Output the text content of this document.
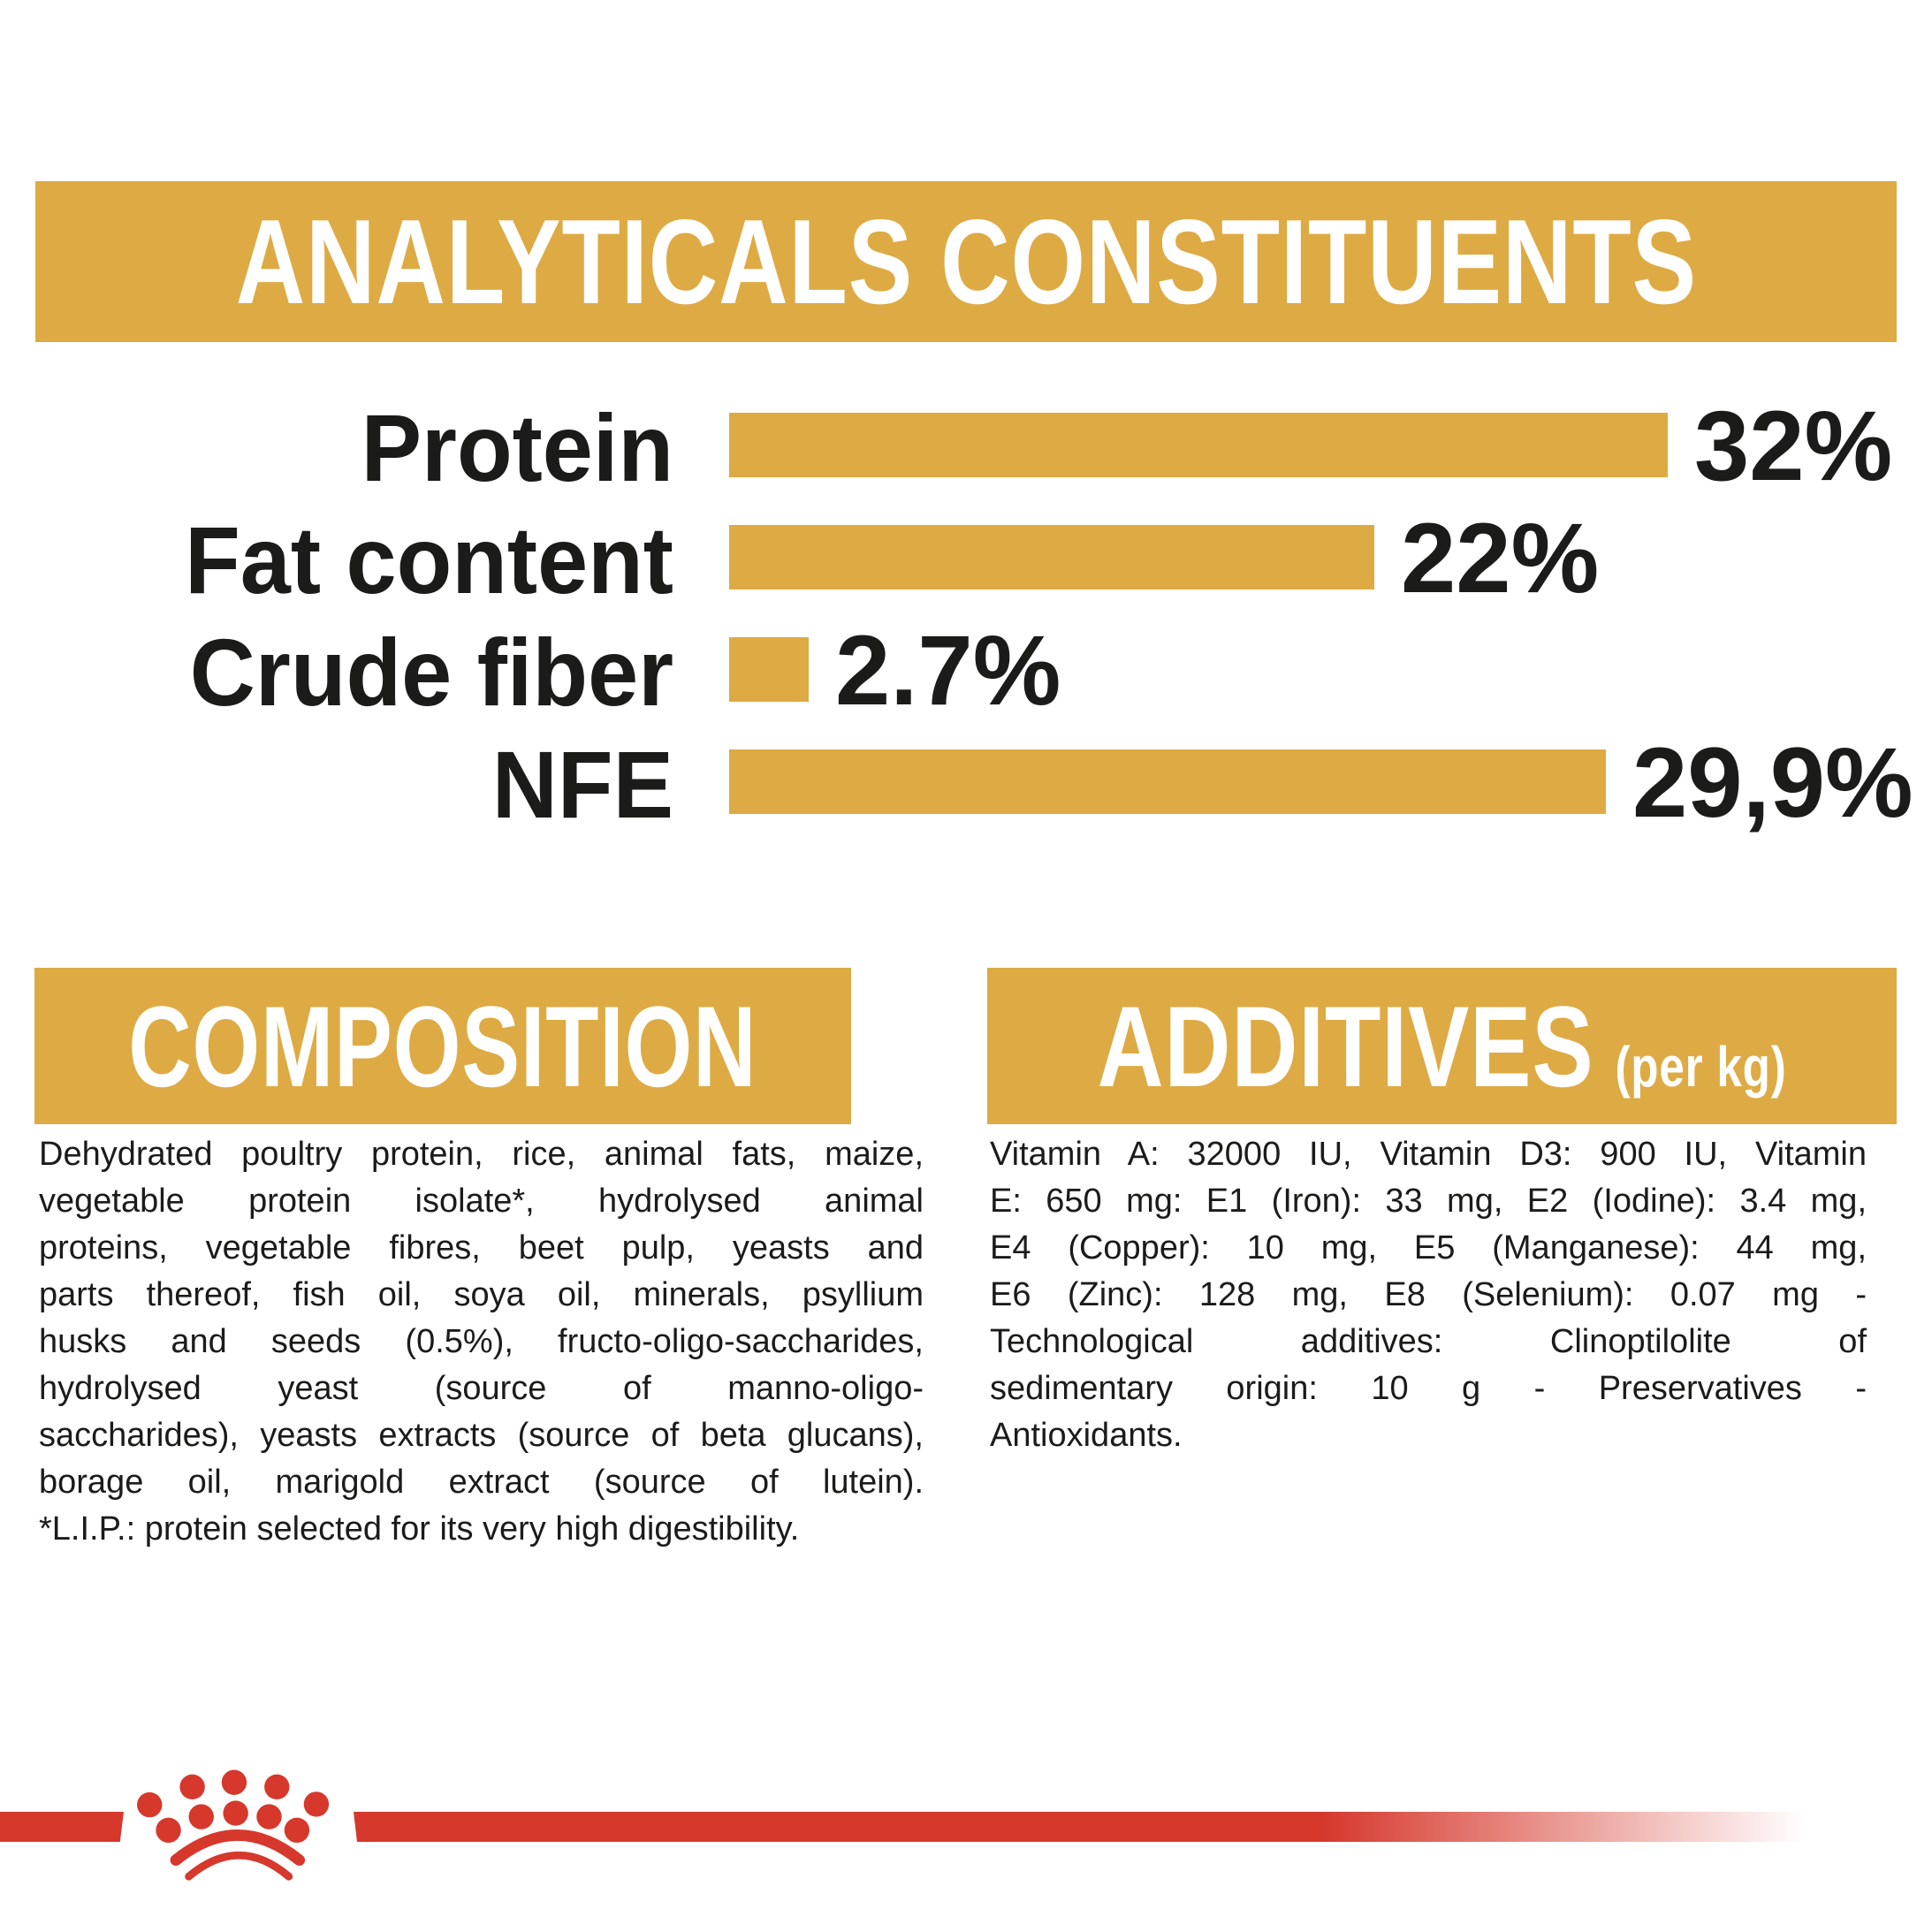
ANALYTICALS CONSTITUENTS
Protein	32%
Fat content	22%
Crude fiber 2.7%
NFE	29,9%
COMPOSITION	ADDITIVES (per kg)
Dehydrated poultry protein, rice, animal fats, maize,
vegetable protein isolate*, hydrolysed animal
proteins, vegetable fibres, beet pulp, yeasts and
parts thereof, fish oil, soya oil, minerals, psyllium
husks and seeds (0.5%), fructo-oligo-saccharides,
hydrolysed yeast (source of manno-oligo-
saccharides), yeasts extracts (source of beta glucans),
borage oil, marigold extract (source of lutein).
*L.I.P.: protein selected for its very high digestibility.
Vitamin A: 32000 IU, Vitamin D3: 900 IU, Vitamin
E: 650 mg: E1 (Iron): 33 mg, E2 (Iodine): 3.4 mg,
E4 (Copper): 10 mg, E5 (Manganese): 44 mg,
E6 (Zinc): 128 mg, E8 (Selenium): 0.07 mg -
Technological additives: Clinoptilolite of
sedimentary origin: 10 g - Preservatives -
Antioxidants.
